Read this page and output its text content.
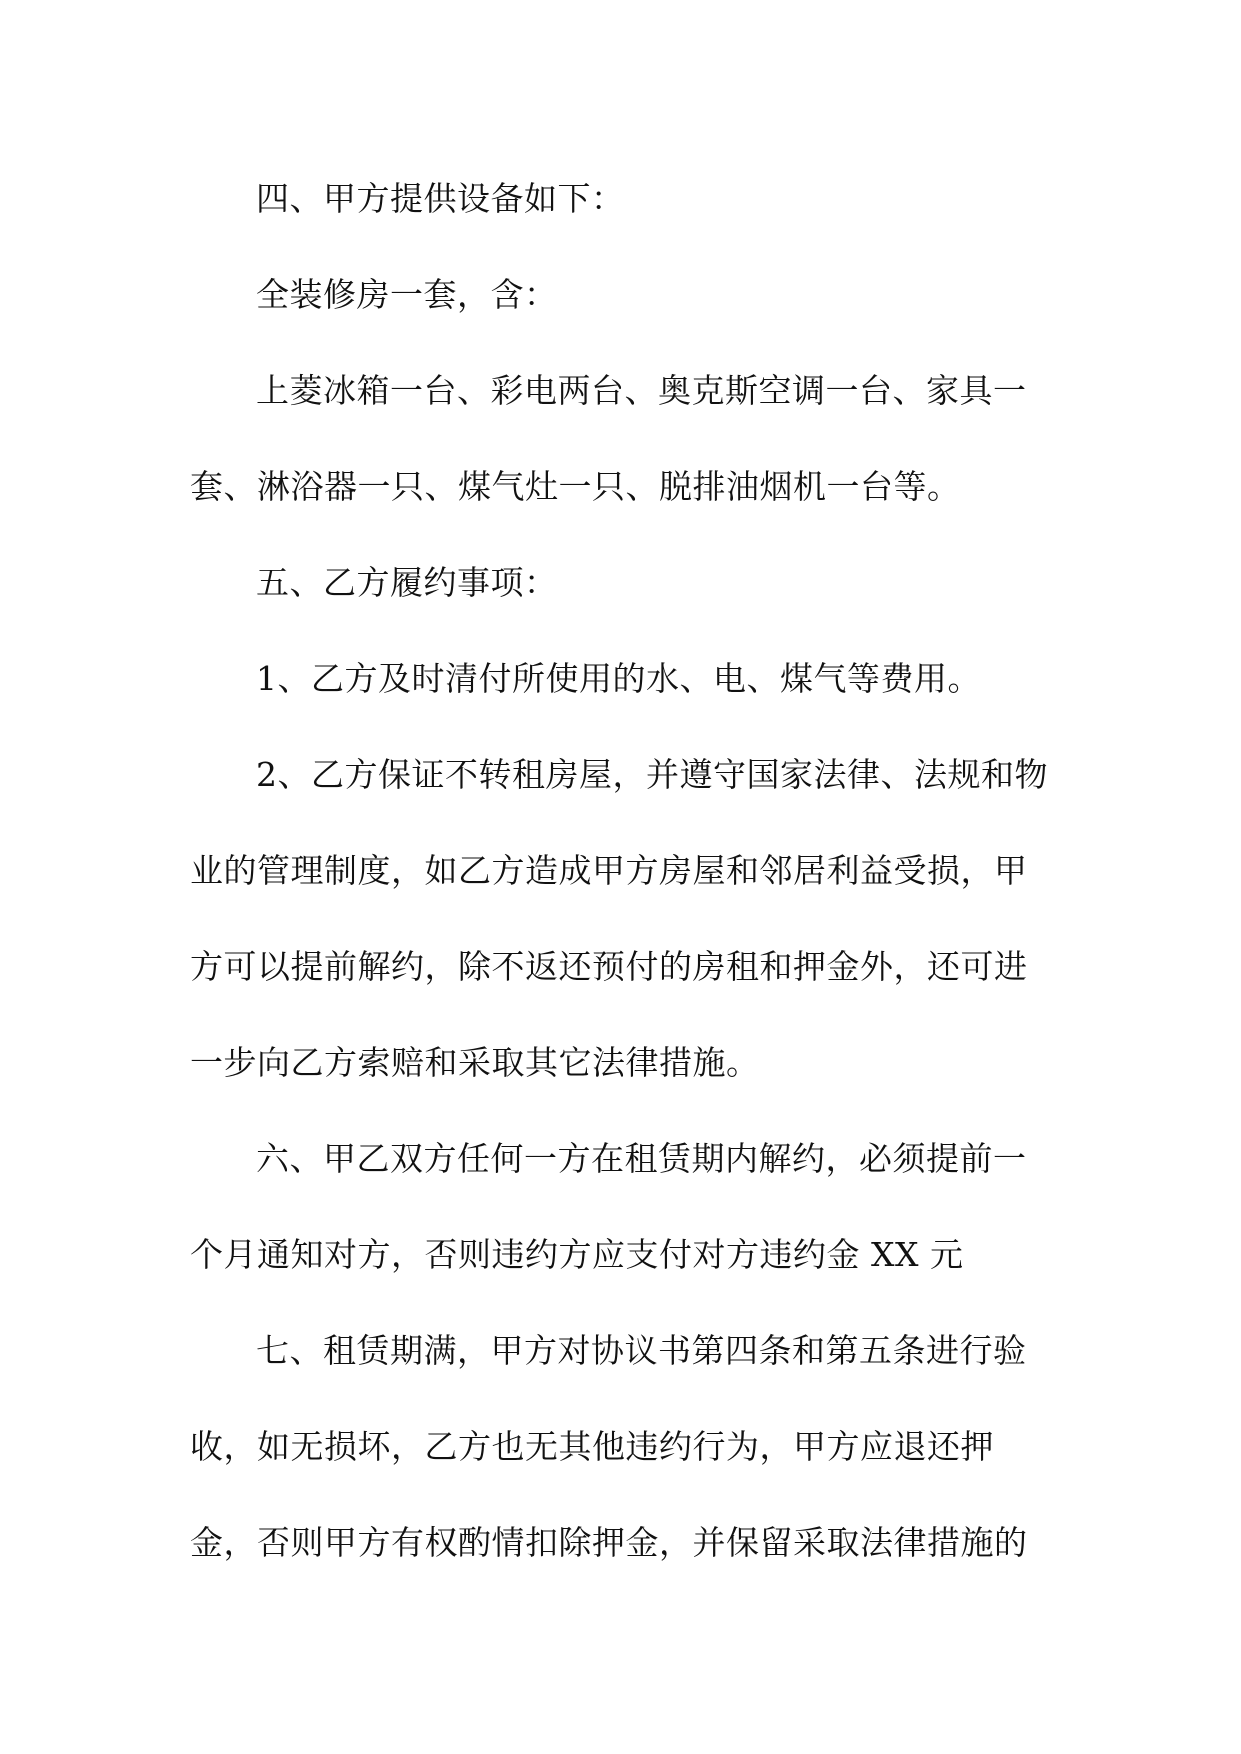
四、甲方提供设备如下：
全装修房一套，含：
上菱冰箱一台、彩电两台、奥克斯空调一台、家具一
套、淋浴器一只、煤气灶一只、脱排油烟机一台等。
五、乙方履约事项：
1、乙方及时清付所使用的水、电、煤气等费用。
2、乙方保证不转租房屋，并遵守国家法律、法规和物
业的管理制度，如乙方造成甲方房屋和邻居利益受损，甲
方可以提前解约，除不返还预付的房租和押金外，还可进
一步向乙方索赔和采取其它法律措施。
六、甲乙双方任何一方在租赁期内解约，必须提前一
个月通知对方，否则违约方应支付对方违约金 XX 元
七、租赁期满，甲方对协议书第四条和第五条进行验
收，如无损坏，乙方也无其他违约行为，甲方应退还押
金，否则甲方有权酌情扣除押金，并保留采取法律措施的
